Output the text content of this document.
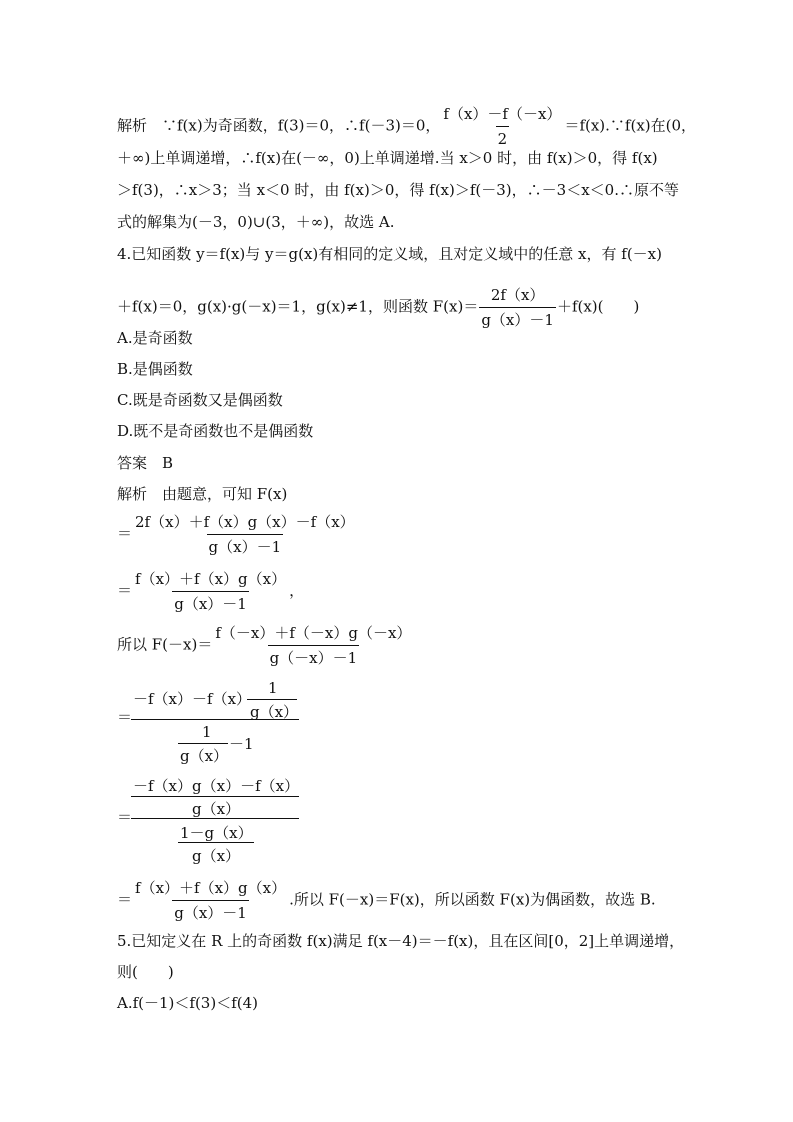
解析　∵f(x)为奇函数，f(3)＝0，∴f(－3)＝0， $\frac{f(x)-f(-x)}{2}$ ＝f(x).∵f(x)在(0，
＋∞)上单调递增，∴f(x)在(－∞，0)上单调递增.当 x＞0 时，由 f(x)＞0，得 f(x)
＞f(3)，∴x＞3；当 x＜0 时，由 f(x)＞0，得 f(x)＞f(－3)，∴－3＜x＜0.∴原不等
式的解集为(－3，0)∪(3，＋∞)，故选 A.
4.已知函数 y＝f(x)与 y＝g(x)有相同的定义域，且对定义域中的任意 x，有 f(－x)
＋f(x)＝0，g(x)·g(－x)＝1，g(x)≠1，则函数 $F(x)= \frac{2f(x)}{g(x)-1} +f(x)$(　　)
A.是奇函数
B.是偶函数
C.既是奇函数又是偶函数
D.既不是奇函数也不是偶函数
答案　B
解析　由题意，可知 F(x)
＝ $\frac{2f(x)+f(x)g(x)-f(x)}{g(x)-1}$
＝ $\frac{f(x)+f(x)g(x)}{g(x)-1}$ ，
所以 $F(-x)= \frac{f(-x)+f(-x)g(-x)}{g(-x)-1}$
＝
－f（x）－f（x）
1
g（x）
1
g（x）
－1
＝
－f（x）g（x）－f（x）
g（x）
1－g（x）
g（x）
＝ $\frac{f(x)+f(x)g(x)}{g(x)-1}$ .所以 F(－x)＝F(x)，所以函数 F(x)为偶函数，故选 B.
5.已知定义在 R 上的奇函数 f(x)满足 f(x－4)＝－f(x)，且在区间[0，2]上单调递增，
则(　　)
A.f(－1)＜f(3)＜f(4)
